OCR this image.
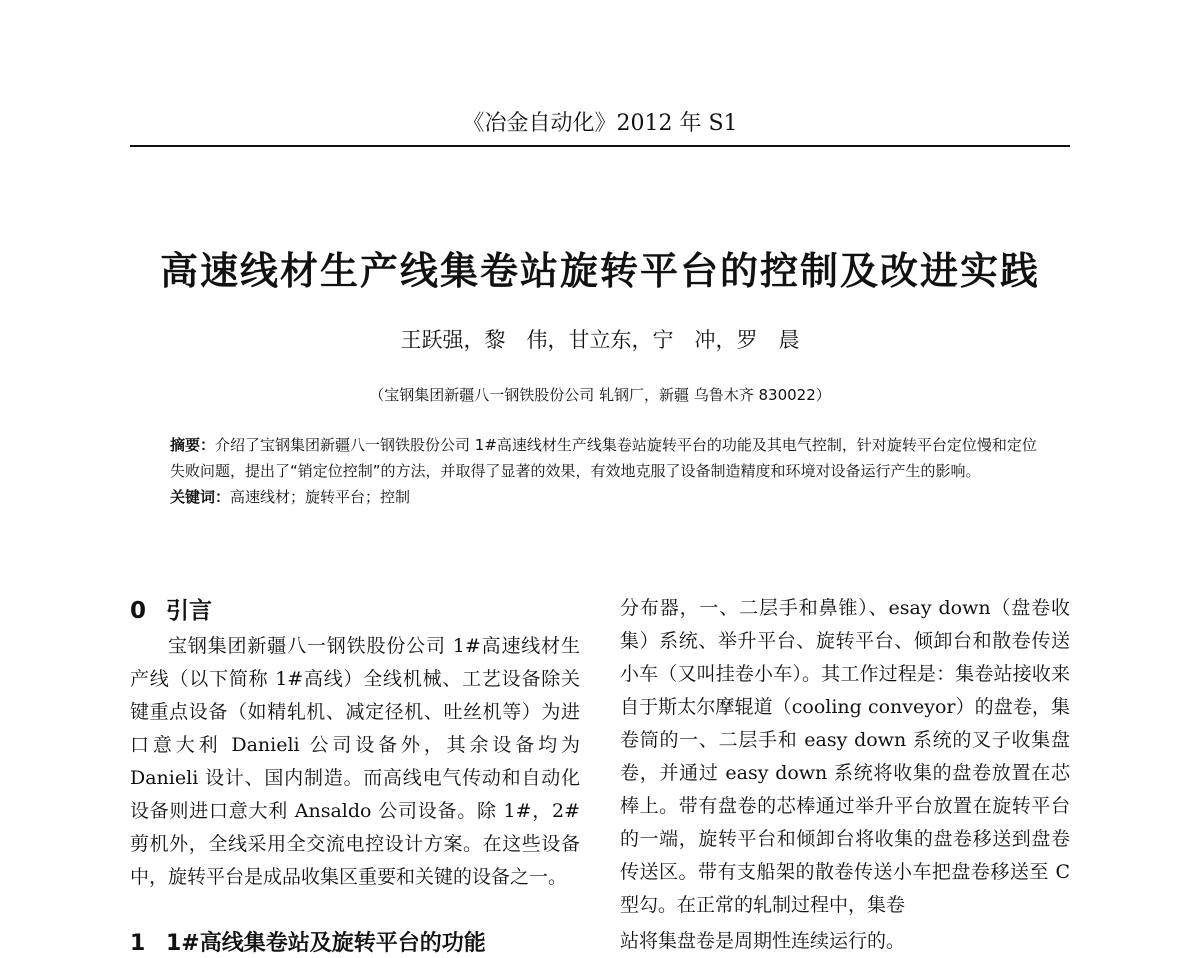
《冶金自动化》2012 年 S1
高速线材生产线集卷站旋转平台的控制及改进实践
王跃强，黎　伟，甘立东，宁　冲，罗　晨
（宝钢集团新疆八一钢铁股份公司 轧钢厂，新疆 乌鲁木齐 830022）

摘要：介绍了宝钢集团新疆八一钢铁股份公司 1#高速线材生产线集卷站旋转平台的功能及其电气控制，针对旋转平台定位慢和定位失败问题，提出了“销定位控制”的方法，并取得了显著的效果，有效地克服了设备制造精度和环境对设备运行产生的影响。

关键词：高速线材；旋转平台；控制

0 引言

宝钢集团新疆八一钢铁股份公司 1#高速线材生产线（以下简称 1#高线）全线机械、工艺设备除关键重点设备（如精轧机、减定径机、吐丝机等）为进口意大利 Danieli 公司设备外，其余设备均为 Danieli 设计、国内制造。而高线电气传动和自动化设备则进口意大利 Ansaldo 公司设备。除 1#，2#剪机外，全线采用全交流电控设计方案。在这些设备中，旋转平台是成品收集区重要和关键的设备之一。

分布器，一、二层手和鼻锥）、esay down（盘卷收集）系统、举升平台、旋转平台、倾卸台和散卷传送小车（又叫挂卷小车）。其工作过程是：集卷站接收来自于斯太尔摩辊道（cooling conveyor）的盘卷，集卷筒的一、二层手和 easy down 系统的叉子收集盘卷，并通过 easy down 系统将收集的盘卷放置在芯棒上。带有盘卷的芯棒通过举升平台放置在旋转平台的一端，旋转平台和倾卸台将收集的盘卷移送到盘卷传送区。带有支船架的散卷传送小车把盘卷移送至 C 型勾。在正常的轧制过程中，集卷

1 1#高线集卷站及旋转平台的功能	站将集盘卷是周期性连续运行的。
